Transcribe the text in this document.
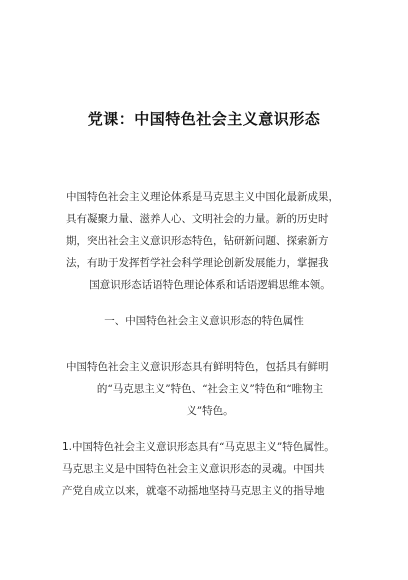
党课：中国特色社会主义意识形态
中国特色社会主义理论体系是马克思主义中国化最新成果，
具有凝聚力量、滋养人心、文明社会的力量。新的历史时
期，突出社会主义意识形态特色，钻研新问题、探索新方
法，有助于发挥哲学社会科学理论创新发展能力，掌握我
国意识形态话语特色理论体系和话语逻辑思维本领。
一、中国特色社会主义意识形态的特色属性
中国特色社会主义意识形态具有鲜明特色，包括具有鲜明
的“马克思主义”特色、“社会主义”特色和“唯物主
义”特色。
1.中国特色社会主义意识形态具有“马克思主义”特色属性。
马克思主义是中国特色社会主义意识形态的灵魂。中国共
产党自成立以来，就毫不动摇地坚持马克思主义的指导地
